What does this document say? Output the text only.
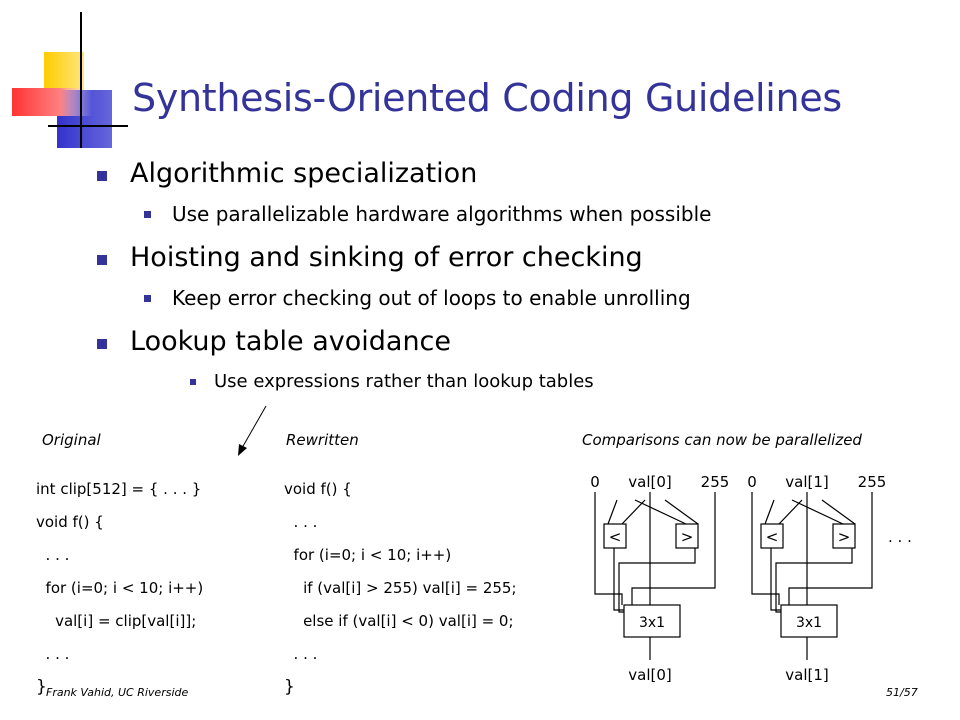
Synthesis-Oriented Coding Guidelines
Algorithmic specialization
Use parallelizable hardware algorithms when possible
Hoisting and sinking of error checking
Keep error checking out of loops to enable unrolling
Lookup table avoidance
Use expressions rather than lookup tables
Original
int clip[512] = { . . . }
void f() {
. . .
for (i=0; i < 10; i++)
val[i] = clip[val[i]];
. . .
}
Rewritten
void f() {
. . .
for (i=0; i < 10; i++)
if (val[i] > 255) val[i] = 255;
else if (val[i] < 0) val[i] = 0;
. . .
}
Comparisons can now be parallelized
0 val[0] 255
<	>
3x1
val[0]
0 val[1] 255
<	>
3x1
val[1]
. . .
Frank Vahid, UC Riverside	51/57
